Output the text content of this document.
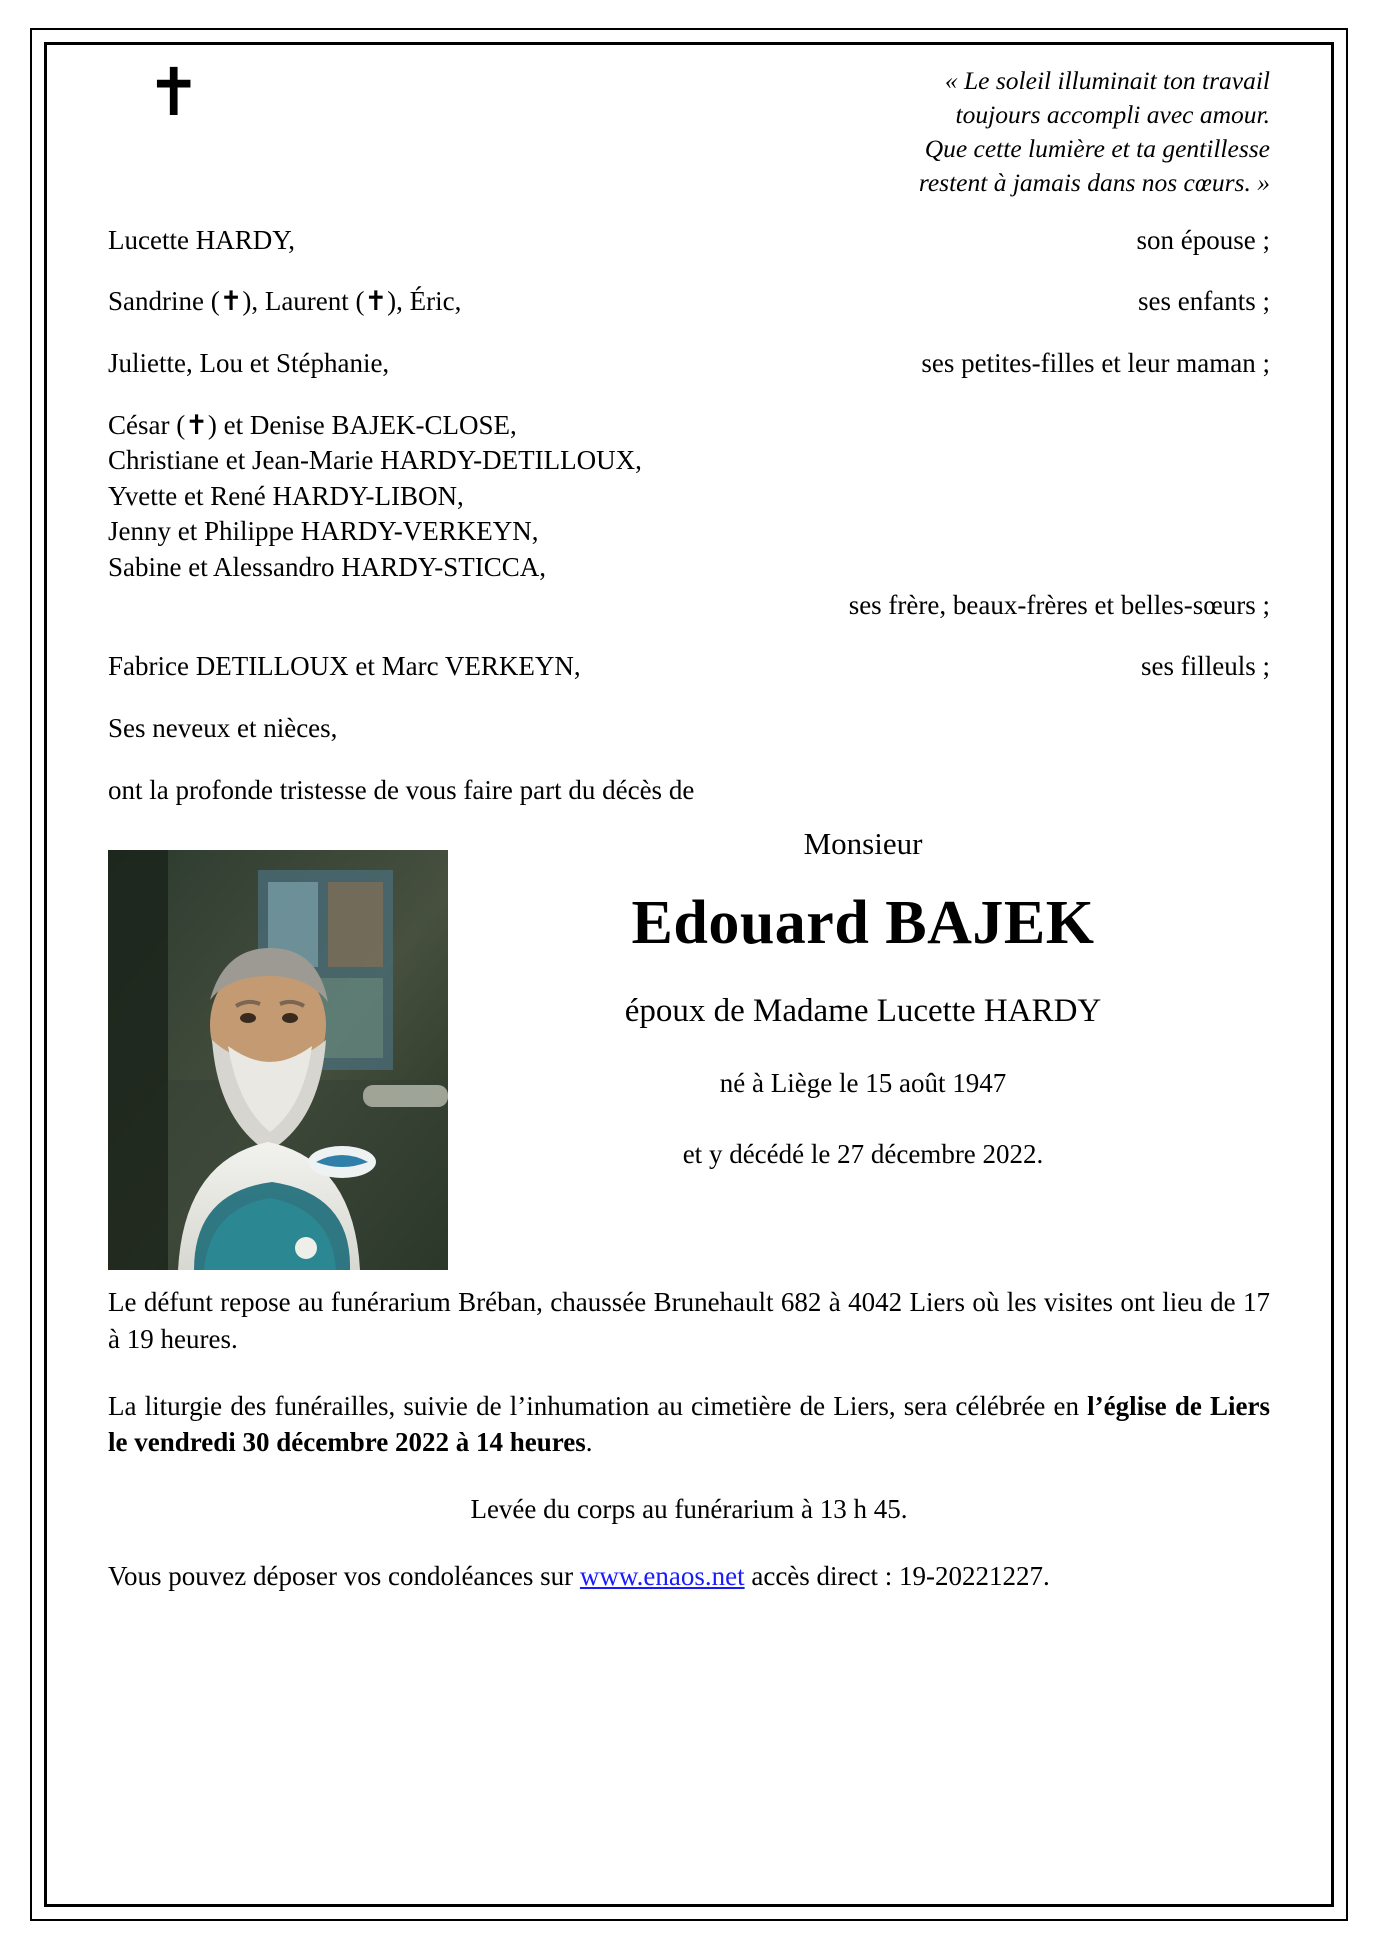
✝	« Le soleil illuminait ton travail
toujours accompli avec amour.
Que cette lumière et ta gentillesse
restent à jamais dans nos cœurs. »
Lucette HARDY,	son épouse ;
Sandrine (✝), Laurent (✝), Éric,	ses enfants ;
Juliette, Lou et Stéphanie,	ses petites-filles et leur maman ;
César (✝) et Denise BAJEK-CLOSE,
Christiane et Jean-Marie HARDY-DETILLOUX,
Yvette et René HARDY-LIBON,
Jenny et Philippe HARDY-VERKEYN,
Sabine et Alessandro HARDY-STICCA,
ses frère, beaux-frères et belles-sœurs ;
Fabrice DETILLOUX et Marc VERKEYN,	ses filleuls ;
Ses neveux et nièces,
ont la profonde tristesse de vous faire part du décès de
Monsieur
Edouard BAJEK
époux de Madame Lucette HARDY
né à Liège le 15 août 1947
et y décédé le 27 décembre 2022.
Le défunt repose au funérarium Bréban, chaussée Brunehault 682 à 4042 Liers où les visites ont lieu de 17 à 19 heures.
La liturgie des funérailles, suivie de l’inhumation au cimetière de Liers, sera célébrée en l’église de Liers le vendredi 30 décembre 2022 à 14 heures.
Levée du corps au funérarium à 13 h 45.
Vous pouvez déposer vos condoléances sur www.enaos.net accès direct : 19-20221227.
